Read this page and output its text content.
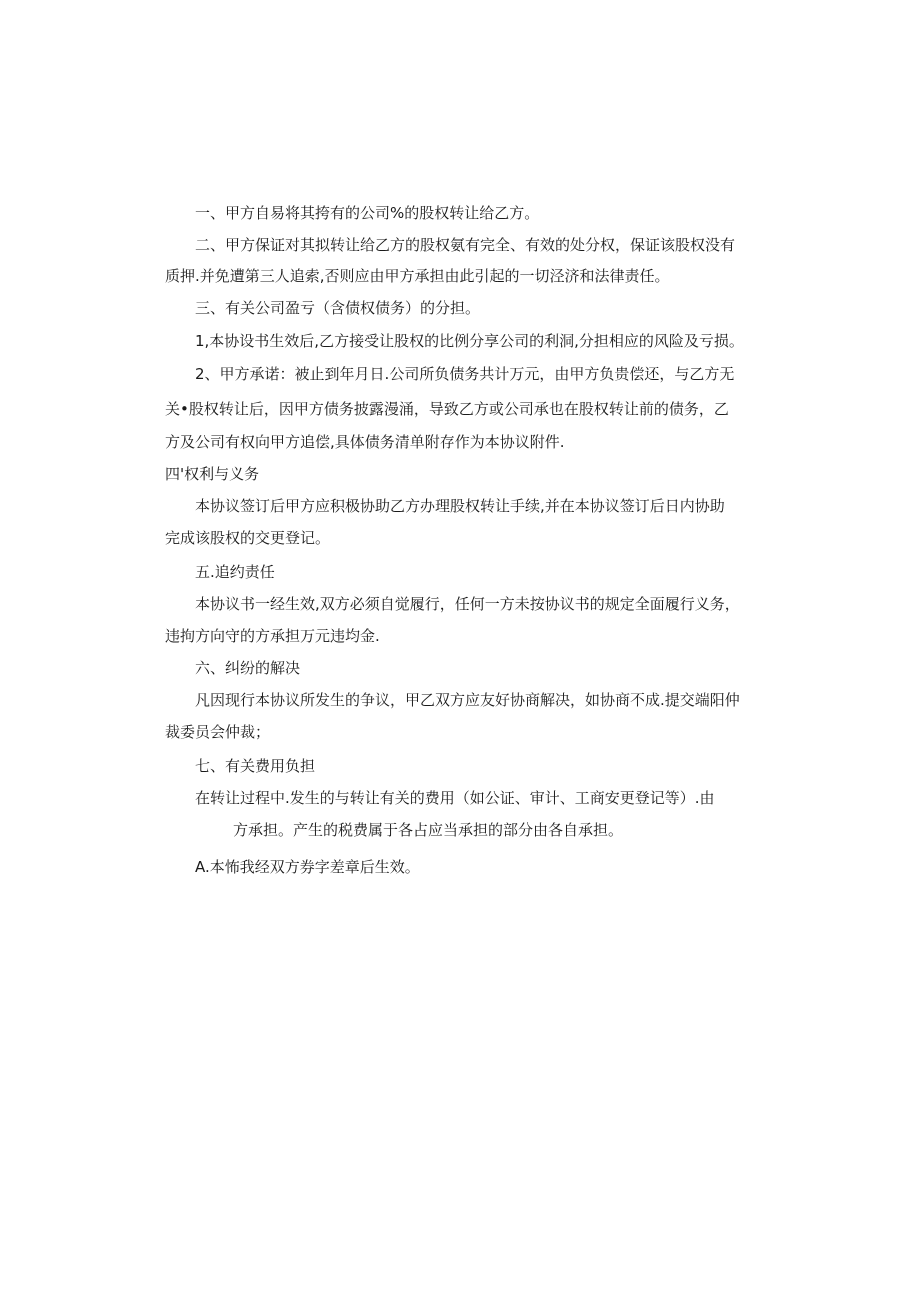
一、甲方自易将其挎有的公司%的股权转让给乙方。
二、甲方保证对其拟转让给乙方的股权氨有完全、有效的处分权，保证该股权没有
质押.并免遭第三人追索,否则应由甲方承担由此引起的一切泾济和法律责任。
三、有关公司盈亏（含债权债务）的分担。
1,本协设书生效后,乙方接受让股权的比例分享公司的利洞,分担相应的风险及亏损。
2、甲方承诺：被止到年月日.公司所负债务共计万元，由甲方负贵偿还，与乙方无
关•股权转让后，因甲方债务披露漫涌，导致乙方或公司承也在股权转让前的债务，乙
方及公司有权向甲方追偿,具体债务清单附存作为本协议附件.
四'权利与义务
本协议签订后甲方应积极协助乙方办理股权转让手续,并在本协议签订后日内协助
完成该股权的交更登记。
五.追约责任
本协议书一经生效,双方必须自觉履行，任何一方未按协议书的规定全面履行义务，
违拘方向守的方承担万元违均金.
六、纠纷的解决
凡因现行本协议所发生的争议，甲乙双方应友好协商解决，如协商不成.提交端阳仲
裁委员会仲裁；
七、有关费用负担
在转让过程中.发生的与转让有关的费用（如公证、审计、工商安更登记等）.由
方承担。产生的税费属于各占应当承担的部分由各自承担。
A.本怖我经双方券字差章后生效。
